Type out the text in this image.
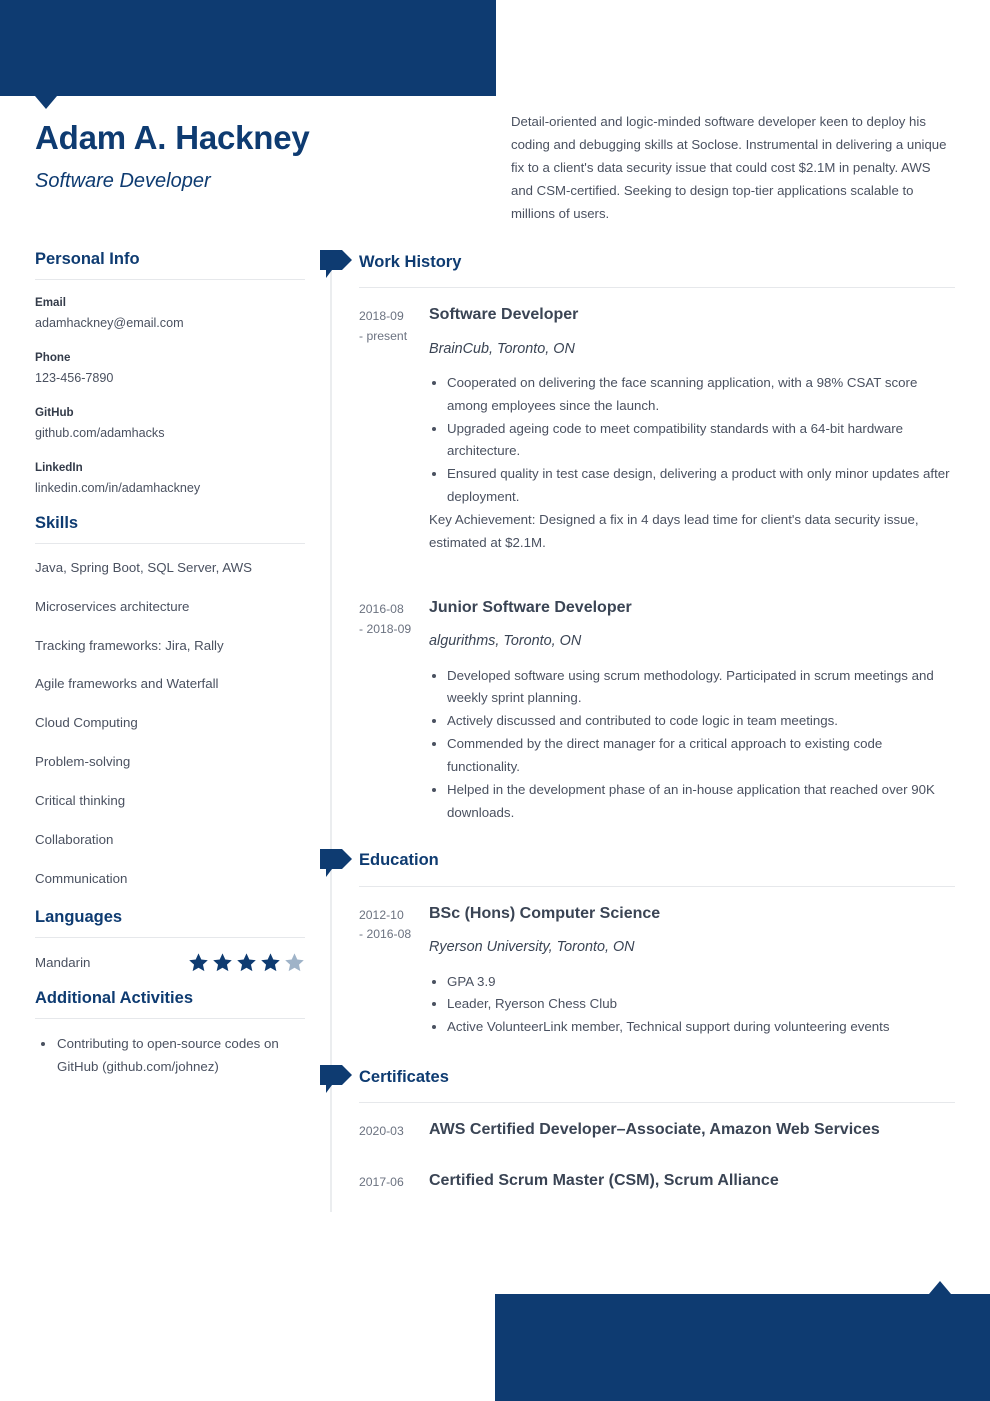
Adam A. Hackney
Software Developer
Detail-oriented and logic-minded software developer keen to deploy his coding and debugging skills at Soclose. Instrumental in delivering a unique fix to a client's data security issue that could cost $2.1M in penalty. AWS and CSM-certified. Seeking to design top-tier applications scalable to millions of users.
Personal Info
Email
adamhackney@email.com
Phone
123-456-7890
GitHub
github.com/adamhacks
LinkedIn
linkedin.com/in/adamhackney
Skills
Java, Spring Boot, SQL Server, AWS
Microservices architecture
Tracking frameworks: Jira, Rally
Agile frameworks and Waterfall
Cloud Computing
Problem-solving
Critical thinking
Collaboration
Communication
Languages
Mandarin
Additional Activities
Contributing to open-source codes on GitHub (github.com/johnez)
Work History
2018-09
- present
Software Developer
BrainCub, Toronto, ON
Cooperated on delivering the face scanning application, with a 98% CSAT score among employees since the launch.
Upgraded ageing code to meet compatibility standards with a 64-bit hardware architecture.
Ensured quality in test case design, delivering a product with only minor updates after deployment.
Key Achievement: Designed a fix in 4 days lead time for client's data security issue, estimated at $2.1M.
2016-08
- 2018-09
Junior Software Developer
algurithms, Toronto, ON
Developed software using scrum methodology. Participated in scrum meetings and weekly sprint planning.
Actively discussed and contributed to code logic in team meetings.
Commended by the direct manager for a critical approach to existing code functionality.
Helped in the development phase of an in-house application that reached over 90K downloads.
Education
2012-10
- 2016-08
BSc (Hons) Computer Science
Ryerson University, Toronto, ON
GPA 3.9
Leader, Ryerson Chess Club
Active VolunteerLink member, Technical support during volunteering events
Certificates
2020-03	AWS Certified Developer–Associate, Amazon Web Services
2017-06	Certified Scrum Master (CSM), Scrum Alliance
